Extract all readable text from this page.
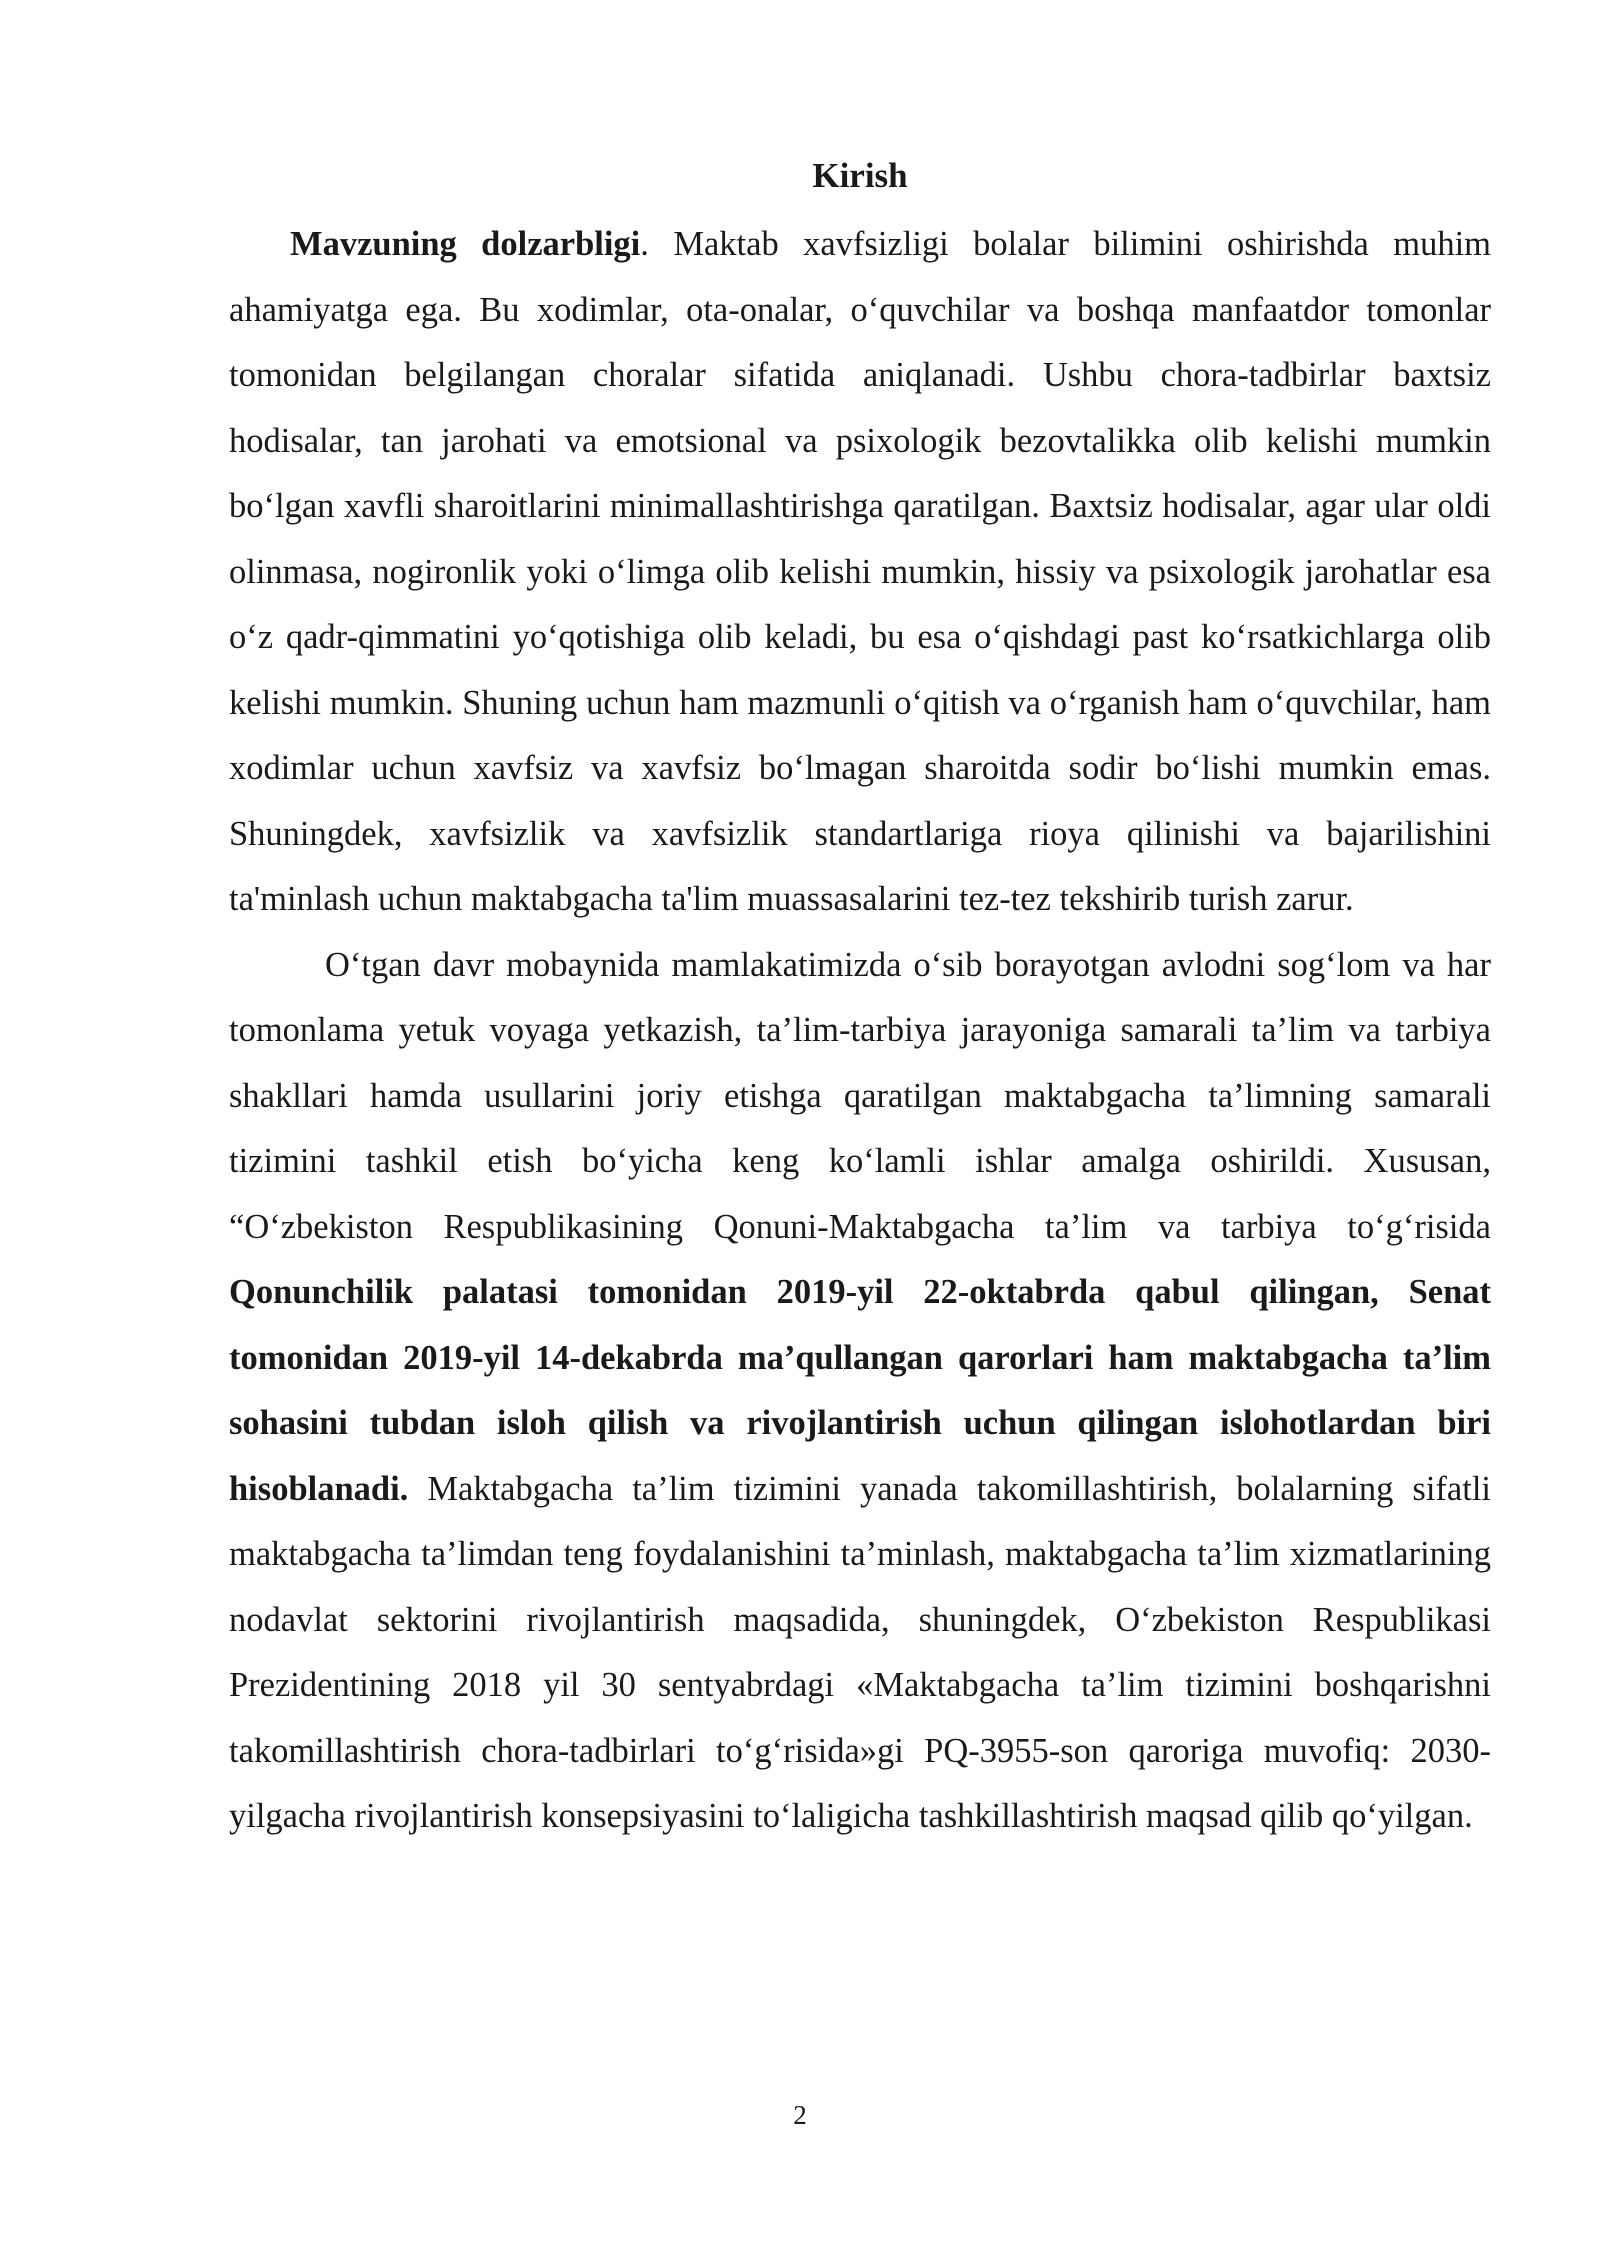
Kirish

Mavzuning dolzarbligi. Maktab xavfsizligi bolalar bilimini oshirishda muhim ahamiyatga ega. Bu xodimlar, ota-onalar, o‘quvchilar va boshqa manfaatdor tomonlar tomonidan belgilangan choralar sifatida aniqlanadi. Ushbu chora-tadbirlar baxtsiz hodisalar, tan jarohati va emotsional va psixologik bezovtalikka olib kelishi mumkin bo‘lgan xavfli sharoitlarini minimallashtirishga qaratilgan. Baxtsiz hodisalar, agar ular oldi olinmasa, nogironlik yoki o‘limga olib kelishi mumkin, hissiy va psixologik jarohatlar esa o‘z qadr-qimmatini yo‘qotishiga olib keladi, bu esa o‘qishdagi past ko‘rsatkichlarga olib kelishi mumkin. Shuning uchun ham mazmunli o‘qitish va o‘rganish ham o‘quvchilar, ham xodimlar uchun xavfsiz va xavfsiz bo‘lmagan sharoitda sodir bo‘lishi mumkin emas. Shuningdek, xavfsizlik va xavfsizlik standartlariga rioya qilinishi va bajarilishini ta'minlash uchun maktabgacha ta'lim muassasalarini tez-tez tekshirib turish zarur.

O‘tgan davr mobaynida mamlakatimizda o‘sib borayotgan avlodni sog‘lom va har tomonlama yetuk voyaga yetkazish, ta’lim-tarbiya jarayoniga samarali ta’lim va tarbiya shakllari hamda usullarini joriy etishga qaratilgan maktabgacha ta’limning samarali tizimini tashkil etish bo‘yicha keng ko‘lamli ishlar amalga oshirildi. Xususan, “O‘zbekiston Respublikasining Qonuni-Maktabgacha ta’lim va tarbiya to‘g‘risida Qonunchilik palatasi tomonidan 2019-yil 22-oktabrda qabul qilingan, Senat tomonidan 2019-yil 14-dekabrda ma’qullangan qarorlari ham maktabgacha ta’lim sohasini tubdan isloh qilish va rivojlantirish uchun qilingan islohotlardan biri hisoblanadi. Maktabgacha ta’lim tizimini yanada takomillashtirish, bolalarning sifatli maktabgacha ta’limdan teng foydalanishini ta’minlash, maktabgacha ta’lim xizmatlarining nodavlat sektorini rivojlantirish maqsadida, shuningdek, O‘zbekiston Respublikasi Prezidentining 2018 yil 30 sentyabrdagi «Maktabgacha ta’lim tizimini boshqarishni takomillashtirish chora-tadbirlari to‘g‘risida»gi PQ-3955-son qaroriga muvofiq: 2030-yilgacha rivojlantirish konsepsiyasini to‘laligicha tashkillashtirish maqsad qilib qo‘yilgan.

2
